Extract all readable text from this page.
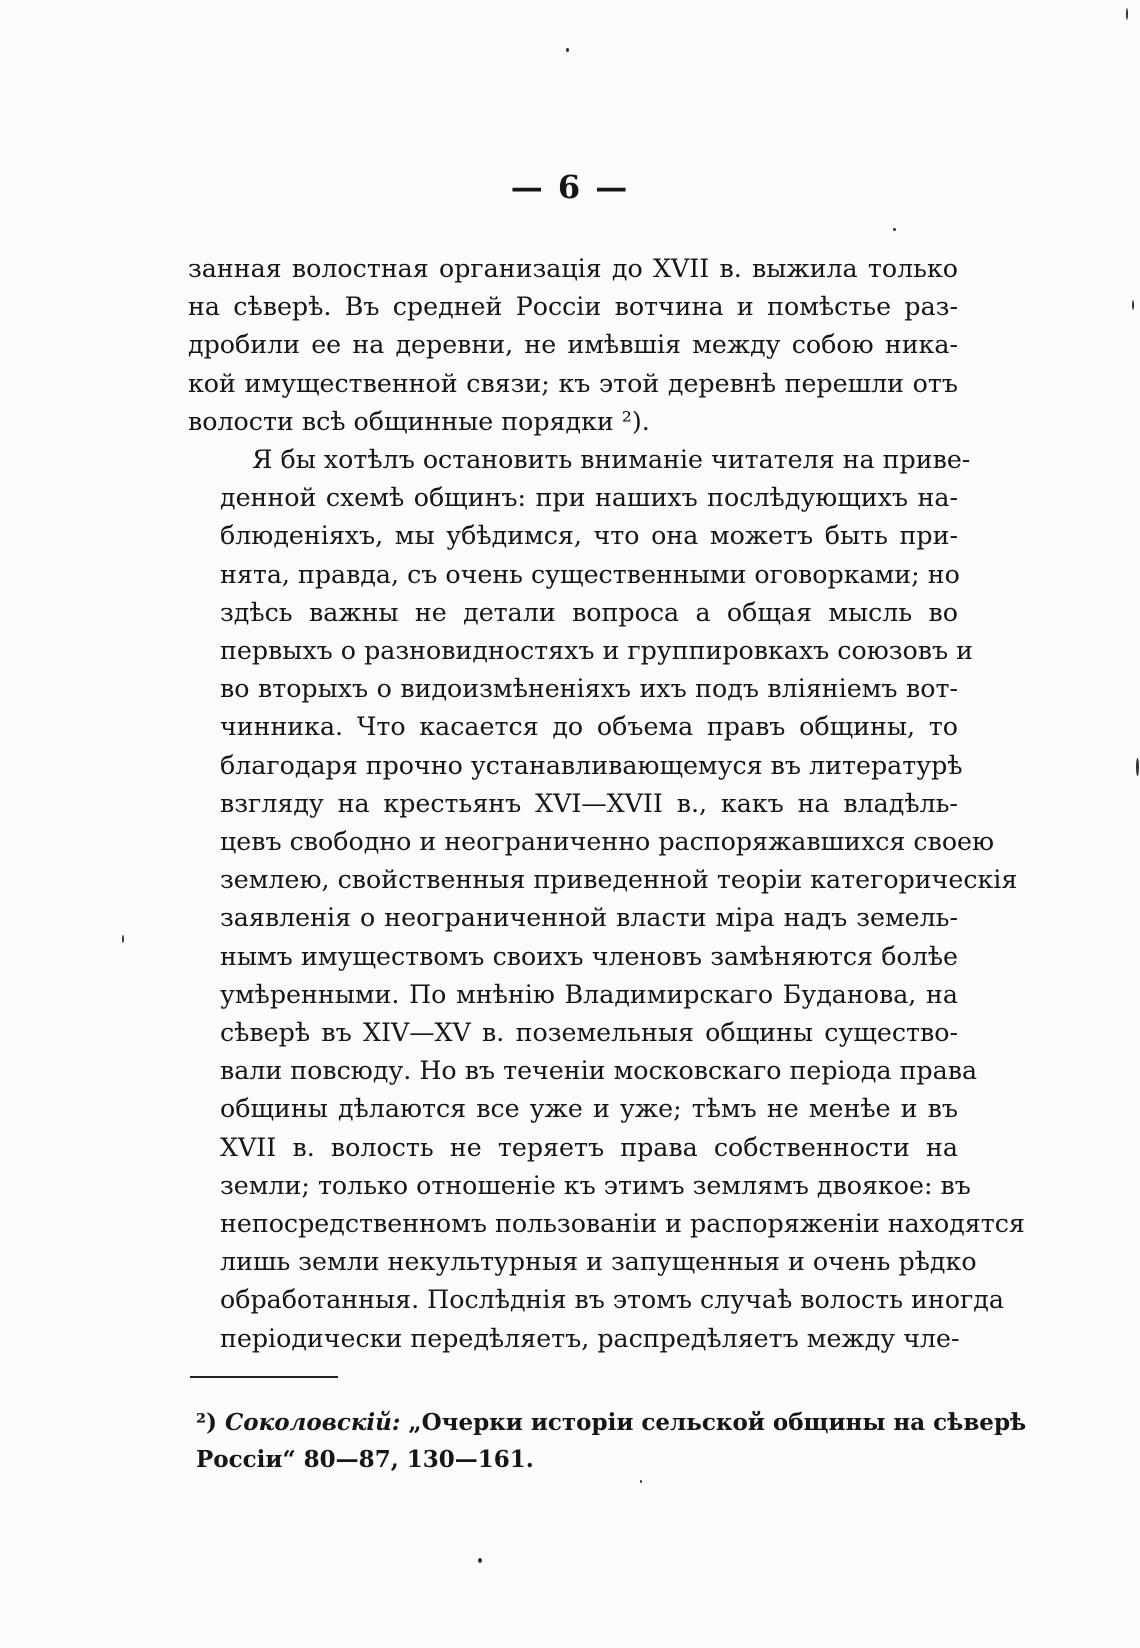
— 6 —

занная волостная организація до XVII в. выжила только
на сѣверѣ. Въ средней Россіи вотчина и помѣстье раз-
дробили ее на деревни, не имѣвшія между собою ника-
кой имущественной связи; къ этой деревнѣ перешли отъ
волости всѣ общинные порядки ²).

Я бы хотѣлъ остановить вниманіе читателя на приве-
денной схемѣ общинъ: при нашихъ послѣдующихъ на-
блюденіяхъ, мы убѣдимся, что она можетъ быть при-
нята, правда, съ очень существенными оговорками; но
здѣсь важны не детали вопроса а общая мысль во
первыхъ о разновидностяхъ и группировкахъ союзовъ и
во вторыхъ о видоизмѣненіяхъ ихъ подъ вліяніемъ вот-
чинника. Что касается до объема правъ общины, то
благодаря прочно устанавливающемуся въ литературѣ
взгляду на крестьянъ XVI—XVII в., какъ на владѣль-
цевъ свободно и неограниченно распоряжавшихся своею
землею, свойственныя приведенной теоріи категорическія
заявленія о неограниченной власти міра надъ земель-
нымъ имуществомъ своихъ членовъ замѣняются болѣе
умѣренными. По мнѣнію Владимирскаго Буданова, на
сѣверѣ въ XIV—XV в. поземельныя общины существо-
вали повсюду. Но въ теченіи московскаго періода права
общины дѣлаются все уже и уже; тѣмъ не менѣе и въ
XVII в. волость не теряетъ права собственности на
земли; только отношеніе къ этимъ землямъ двоякое: въ
непосредственномъ пользованіи и распоряженіи находятся
лишь земли некультурныя и запущенныя и очень рѣдко
обработанныя. Послѣднія въ этомъ случаѣ волость иногда
періодически передѣляетъ, распредѣляетъ между чле-

²) Соколовскій: „Очерки исторіи сельской общины на сѣверѣ
Россіи“ 80—87, 130—161.
